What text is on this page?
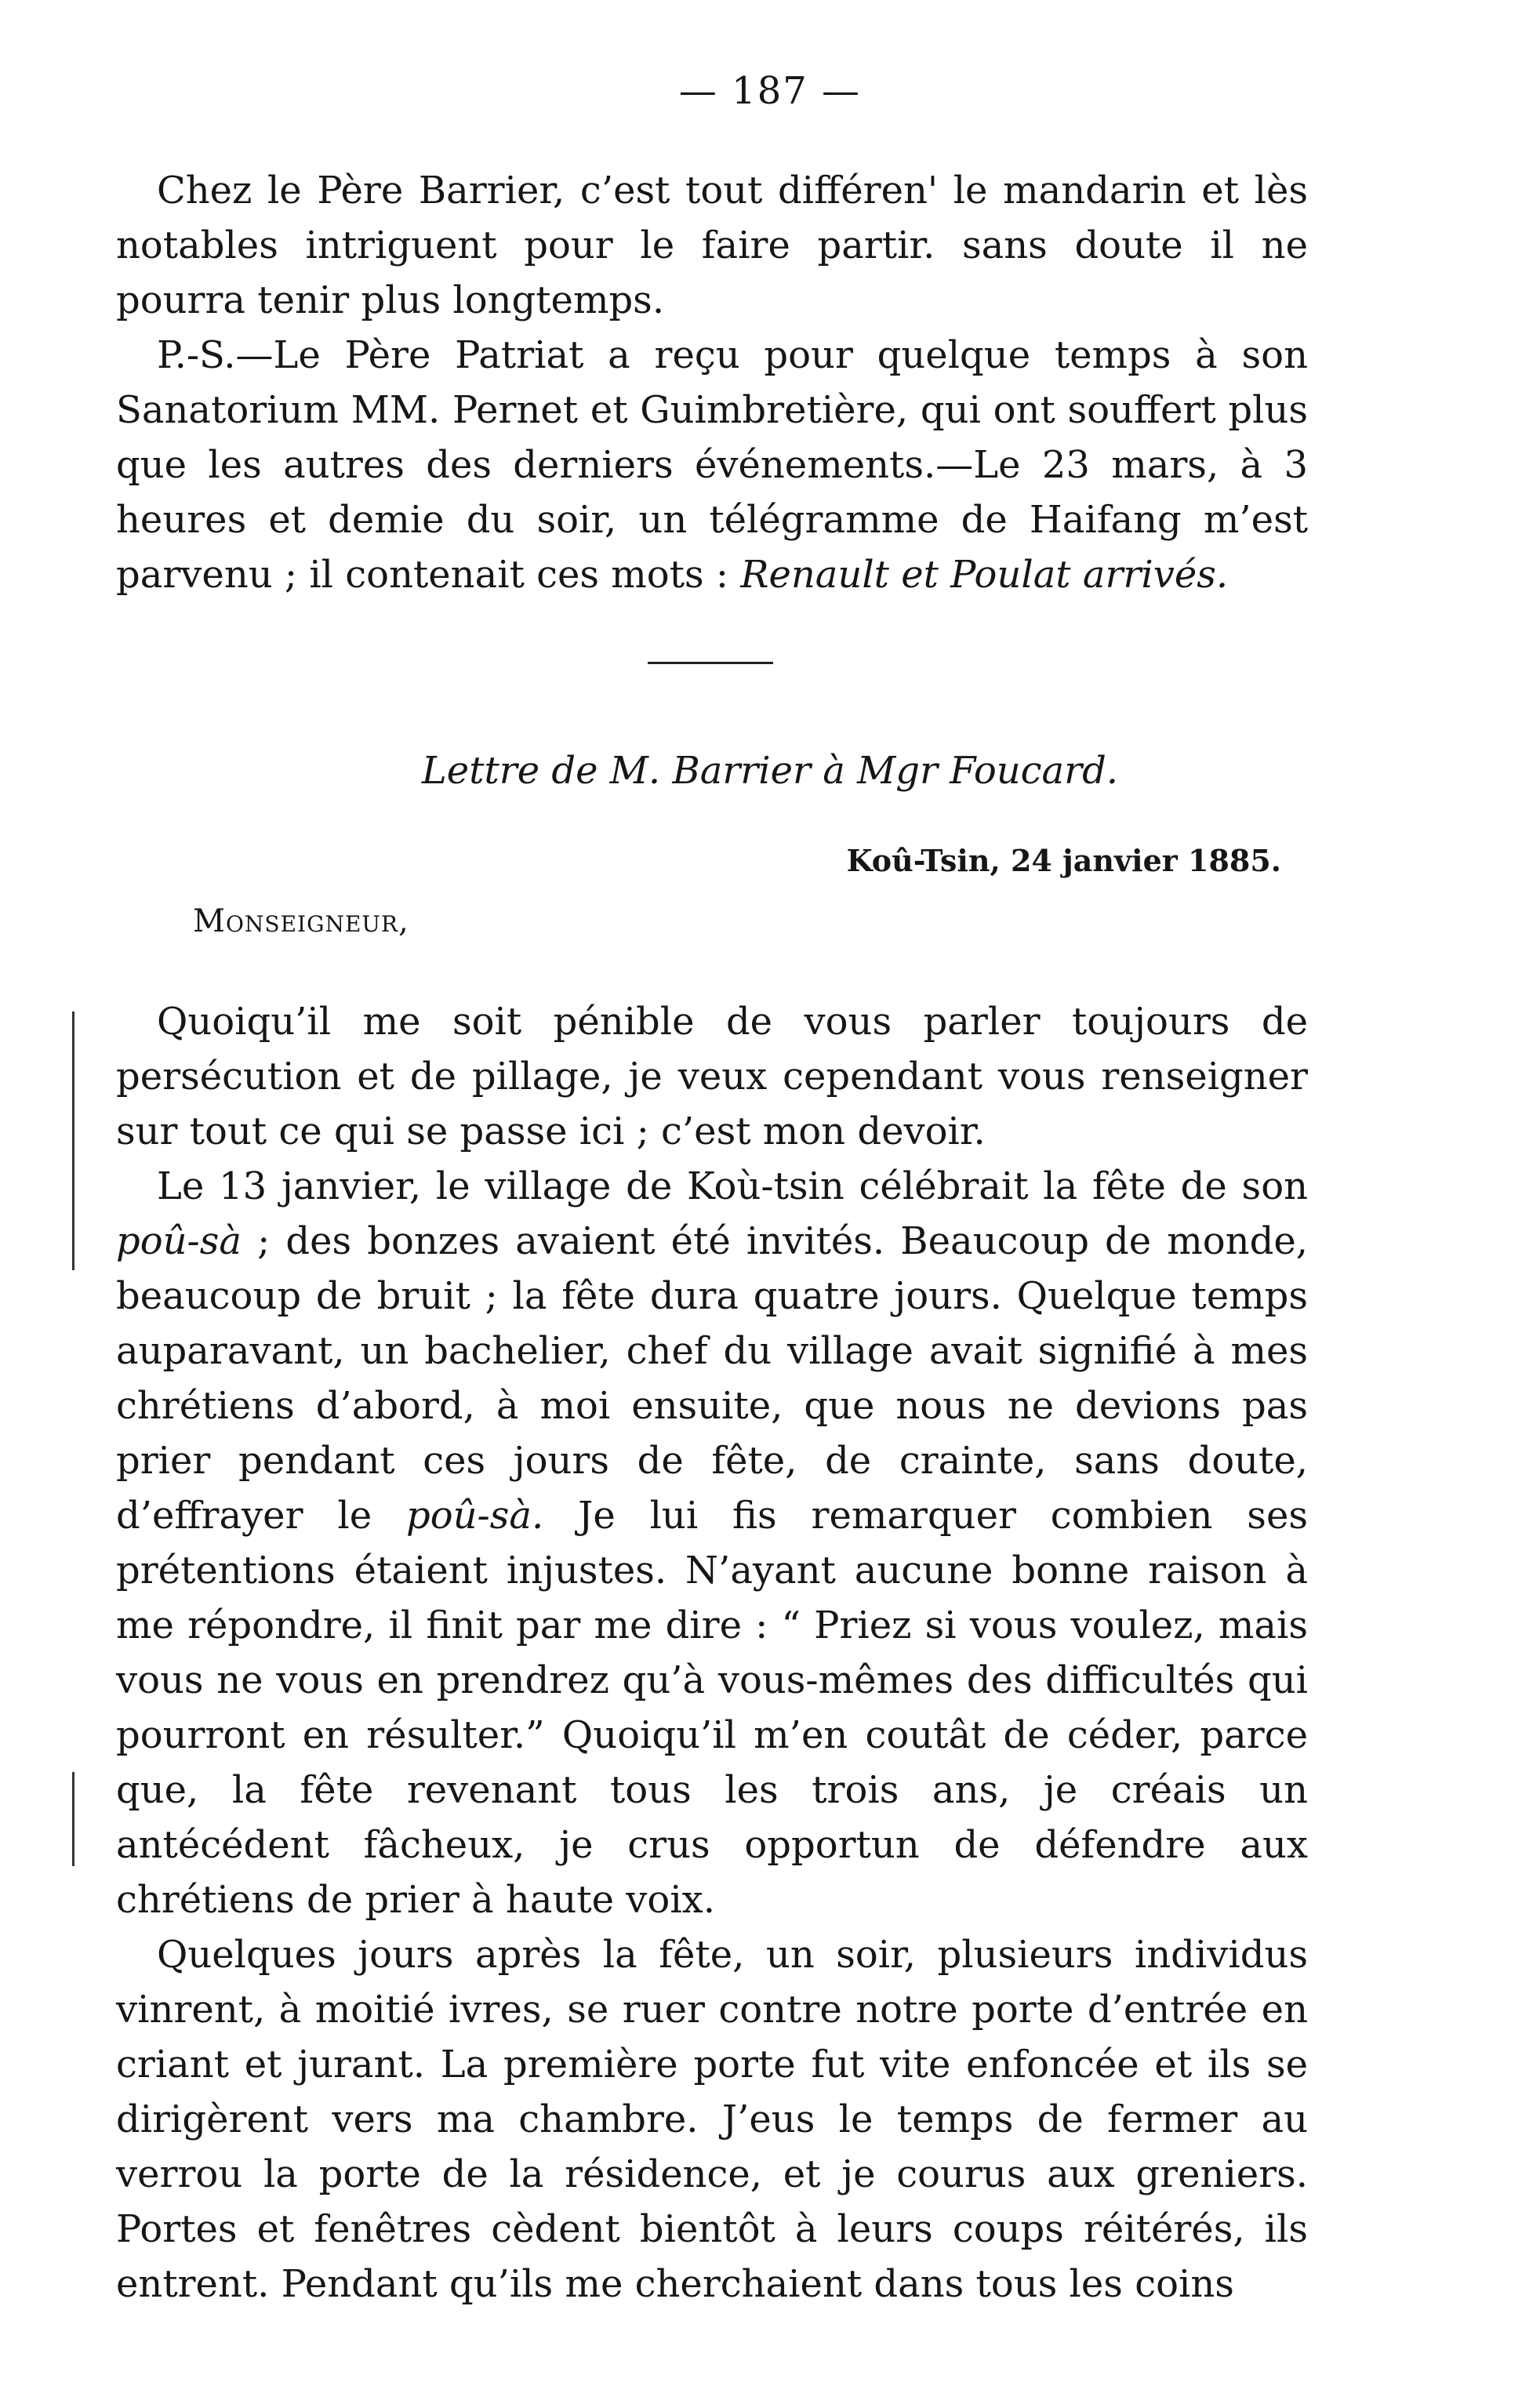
— 187 —

Chez le Père Barrier, c’est tout différen' le mandarin et lès notables intriguent pour le faire partir. sans doute il ne pourra tenir plus longtemps.

P.-S.—Le Père Patriat a reçu pour quelque temps à son Sanatorium MM. Pernet et Guimbretière, qui ont souffert plus que les autres des derniers événements.—Le 23 mars, à 3 heures et demie du soir, un télégramme de Haifang m’est parvenu ; il contenait ces mots : Renault et Poulat arrivés.

Lettre de M. Barrier à Mgr Foucard.
Koû-Tsin, 24 janvier 1885.
Monseigneur,

Quoiqu’il me soit pénible de vous parler toujours de persécution et de pillage, je veux cependant vous renseigner sur tout ce qui se passe ici ; c’est mon devoir.

Le 13 janvier, le village de Koù-tsin célébrait la fête de son poû-sà ; des bonzes avaient été invités. Beaucoup de monde, beaucoup de bruit ; la fête dura quatre jours. Quelque temps auparavant, un bachelier, chef du village avait signifié à mes chrétiens d’abord, à moi ensuite, que nous ne devions pas prier pendant ces jours de fête, de crainte, sans doute, d’effrayer le poû-sà. Je lui fis remarquer combien ses prétentions étaient injustes. N’ayant aucune bonne raison à me répondre, il finit par me dire : “ Priez si vous voulez, mais vous ne vous en prendrez qu’à vous-mêmes des difficultés qui pourront en résulter.” Quoiqu’il m’en coutât de céder, parce que, la fête revenant tous les trois ans, je créais un antécédent fâcheux, je crus opportun de défendre aux chrétiens de prier à haute voix.

Quelques jours après la fête, un soir, plusieurs individus vinrent, à moitié ivres, se ruer contre notre porte d’entrée en criant et jurant. La première porte fut vite enfoncée et ils se dirigèrent vers ma chambre. J’eus le temps de fermer au verrou la porte de la résidence, et je courus aux greniers. Portes et fenêtres cèdent bientôt à leurs coups réitérés, ils entrent. Pendant qu’ils me cherchaient dans tous les coins
